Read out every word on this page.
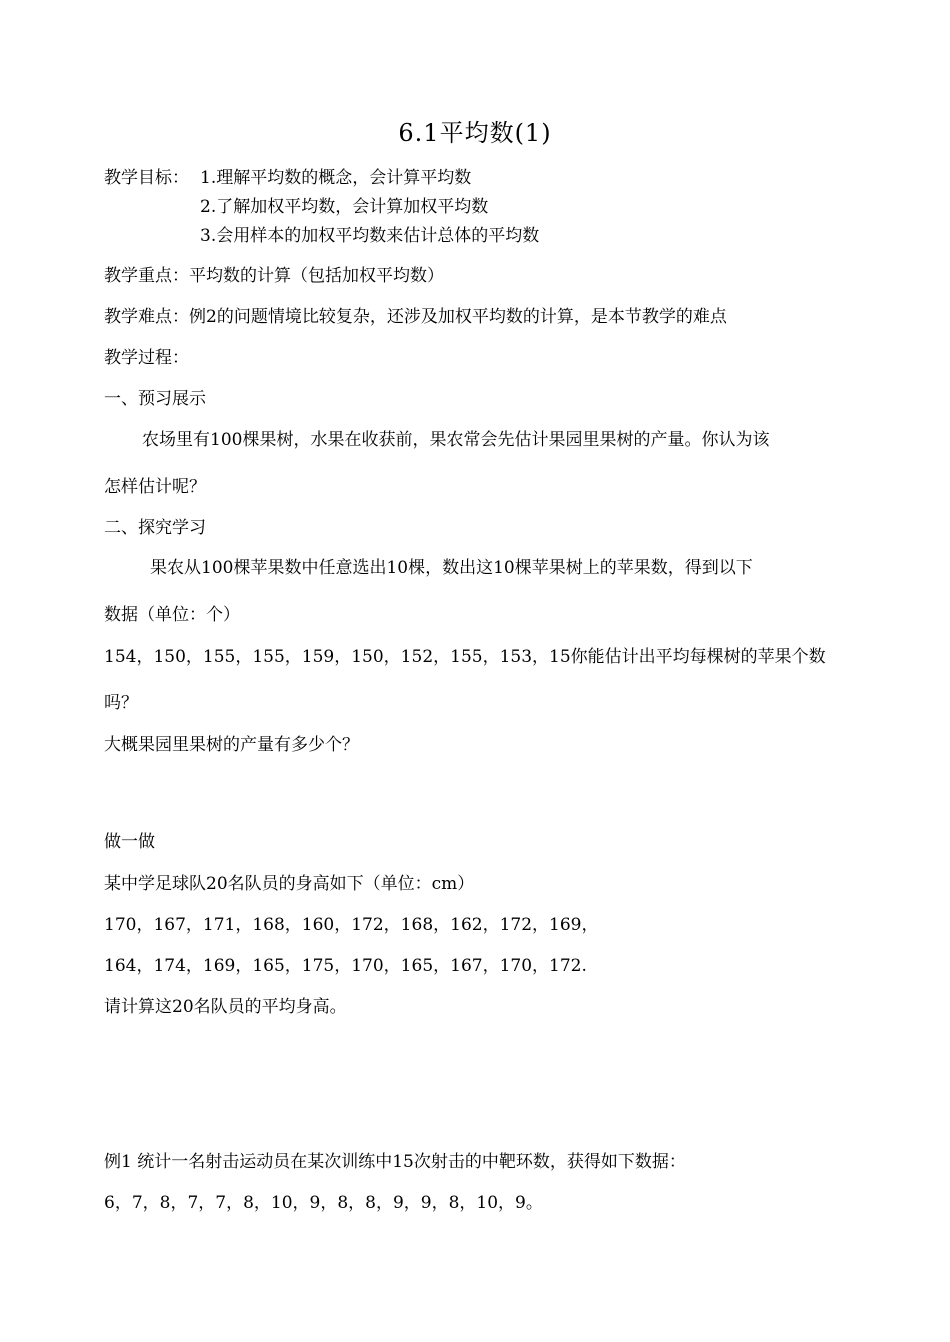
6.1平均数(1)
教学目标： 1.理解平均数的概念，会计算平均数
2.了解加权平均数，会计算加权平均数
3.会用样本的加权平均数来估计总体的平均数
教学重点：平均数的计算（包括加权平均数）
教学难点：例2的问题情境比较复杂，还涉及加权平均数的计算，是本节教学的难点
教学过程：
一、预习展示
农场里有100棵果树，水果在收获前，果农常会先估计果园里果树的产量。你认为该
怎样估计呢？
二、探究学习
果农从100棵苹果数中任意选出10棵，数出这10棵苹果树上的苹果数，得到以下
数据（单位：个）
154，150，155，155，159，150，152，155，153，15你能估计出平均每棵树的苹果个数
吗？
大概果园里果树的产量有多少个？
做一做
某中学足球队20名队员的身高如下（单位：cm）
170，167，171，168，160，172，168，162，172，169，
164，174，169，165，175，170，165，167，170，172.
请计算这20名队员的平均身高。
例1 统计一名射击运动员在某次训练中15次射击的中靶环数，获得如下数据：
6，7，8，7，7，8，10，9，8，8，9，9，8，10，9。
